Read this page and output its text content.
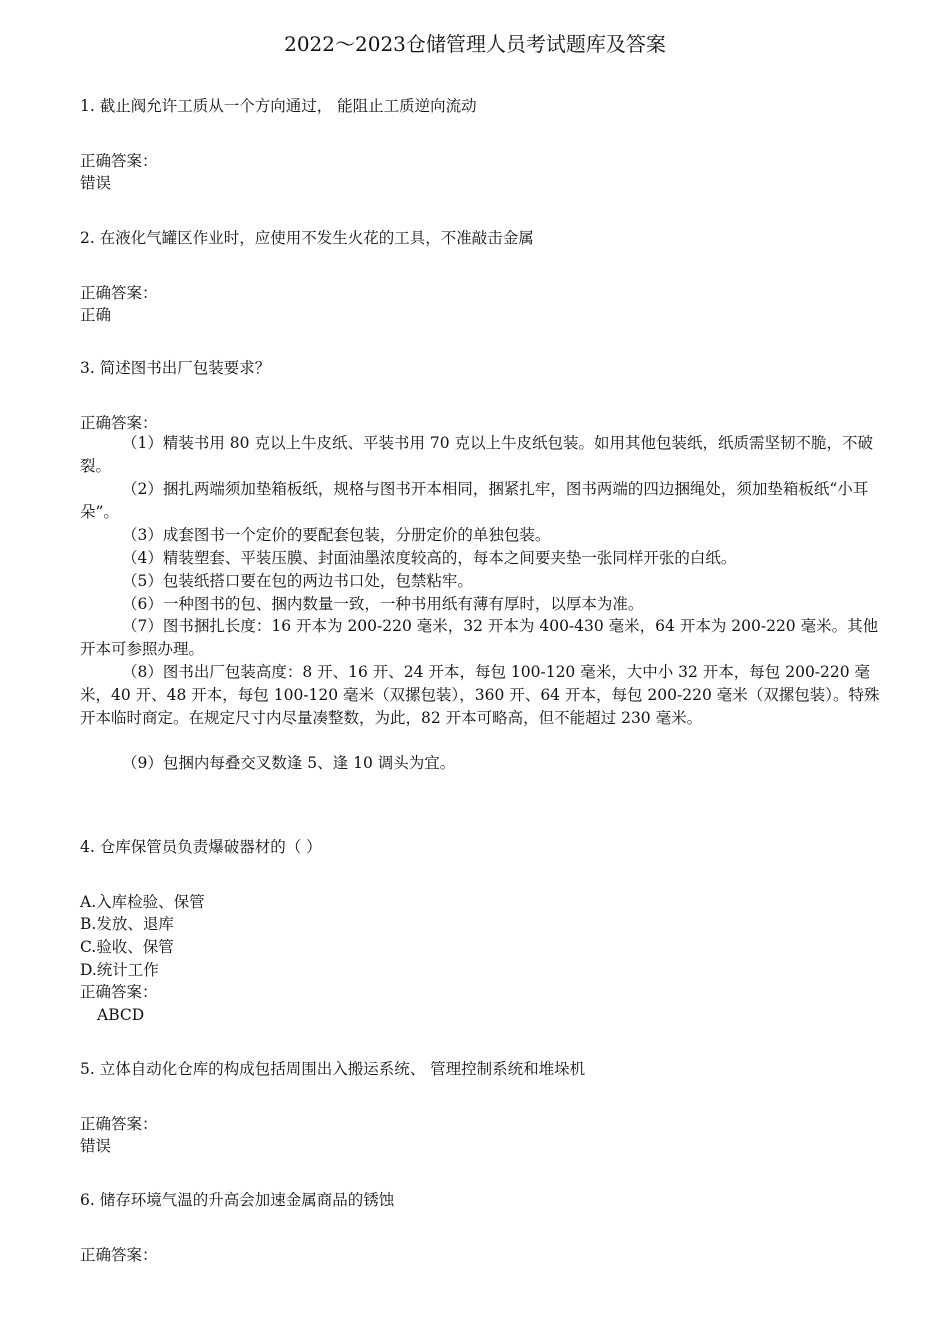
2022～2023仓储管理人员考试题库及答案
1. 截止阀允许工质从一个方向通过， 能阻止工质逆向流动
正确答案：
错误
2. 在液化气罐区作业时，应使用不发生火花的工具，不准敲击金属
正确答案：
正确
3. 简述图书出厂包装要求？
正确答案：
（1）精装书用 80 克以上牛皮纸、平装书用 70 克以上牛皮纸包装。如用其他包装纸，纸质需坚韧不脆，不破裂。
（2）捆扎两端须加垫箱板纸，规格与图书开本相同，捆紧扎牢，图书两端的四边捆绳处，须加垫箱板纸“小耳朵”。
（3）成套图书一个定价的要配套包装，分册定价的单独包装。
（4）精装塑套、平装压膜、封面油墨浓度较高的，每本之间要夹垫一张同样开张的白纸。
（5）包装纸搭口要在包的两边书口处，包禁粘牢。
（6）一种图书的包、捆内数量一致，一种书用纸有薄有厚时，以厚本为准。
（7）图书捆扎长度：16 开本为 200-220 毫米，32 开本为 400-430 毫米，64 开本为 200-220 毫米。其他开本可参照办理。
（8）图书出厂包装高度：8 开、16 开、24 开本，每包 100-120 毫米，大中小 32 开本，每包 200-220 毫米，40 开、48 开本，每包 100-120 毫米（双摞包装），360 开、64 开本，每包 200-220 毫米（双摞包装）。特殊开本临时商定。在规定尺寸内尽量凑整数，为此，82 开本可略高，但不能超过 230 毫米。
（9）包捆内每叠交叉数逢 5、逢 10 调头为宜。
4. 仓库保管员负责爆破器材的（ ）
A.入库检验、保管
B.发放、退库
C.验收、保管
D.统计工作
正确答案：
ABCD
5. 立体自动化仓库的构成包括周围出入搬运系统、 管理控制系统和堆垛机
正确答案：
错误
6. 储存环境气温的升高会加速金属商品的锈蚀
正确答案：
